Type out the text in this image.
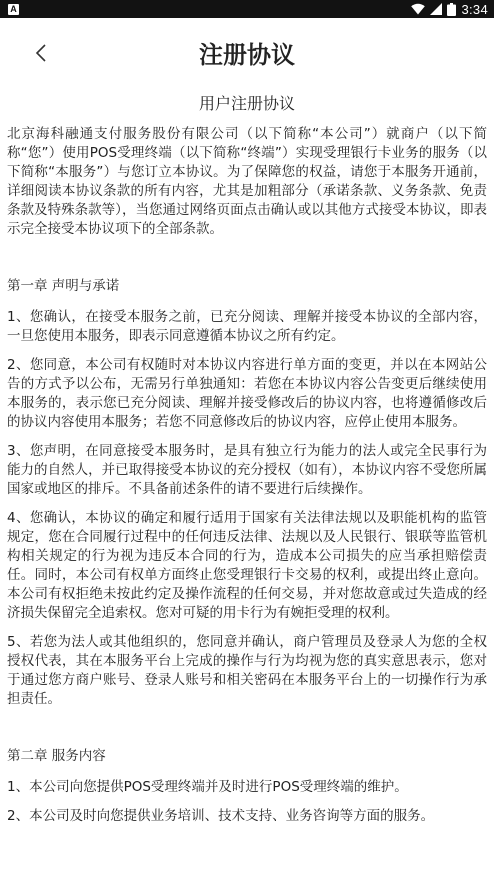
A	3:34
注册协议
用户注册协议

北京海科融通支付服务股份有限公司（以下简称“本公司”）就商户（以下简称“您”）使用POS受理终端（以下简称“终端”）实现受理银行卡业务的服务（以下简称“本服务”）与您订立本协议。为了保障您的权益，请您于本服务开通前，详细阅读本协议条款的所有内容，尤其是加粗部分（承诺条款、义务条款、免责条款及特殊条款等），当您通过网络页面点击确认或以其他方式接受本协议，即表示完全接受本协议项下的全部条款。

第一章 声明与承诺

1、您确认，在接受本服务之前，已充分阅读、理解并接受本协议的全部内容，一旦您使用本服务，即表示同意遵循本协议之所有约定。

2、您同意，本公司有权随时对本协议内容进行单方面的变更，并以在本网站公告的方式予以公布，无需另行单独通知：若您在本协议内容公告变更后继续使用本服务的，表示您已充分阅读、理解并接受修改后的协议内容，也将遵循修改后的协议内容使用本服务；若您不同意修改后的协议内容，应停止使用本服务。

3、您声明，在同意接受本服务时，是具有独立行为能力的法人或完全民事行为能力的自然人，并已取得接受本协议的充分授权（如有），本协议内容不受您所属国家或地区的排斥。不具备前述条件的请不要进行后续操作。

4、您确认，本协议的确定和履行适用于国家有关法律法规以及职能机构的监管规定，您在合同履行过程中的任何违反法律、法规以及人民银行、银联等监管机构相关规定的行为视为违反本合同的行为，造成本公司损失的应当承担赔偿责任。同时，本公司有权单方面终止您受理银行卡交易的权利，或提出终止意向。本公司有权拒绝未按此约定及操作流程的任何交易，并对您故意或过失造成的经济损失保留完全追索权。您对可疑的用卡行为有婉拒受理的权利。

5、若您为法人或其他组织的，您同意并确认，商户管理员及登录人为您的全权授权代表，其在本服务平台上完成的操作与行为均视为您的真实意思表示，您对于通过您方商户账号、登录人账号和相关密码在本服务平台上的一切操作行为承担责任。

第二章 服务内容

1、本公司向您提供POS受理终端并及时进行POS受理终端的维护。

2、本公司及时向您提供业务培训、技术支持、业务咨询等方面的服务。
